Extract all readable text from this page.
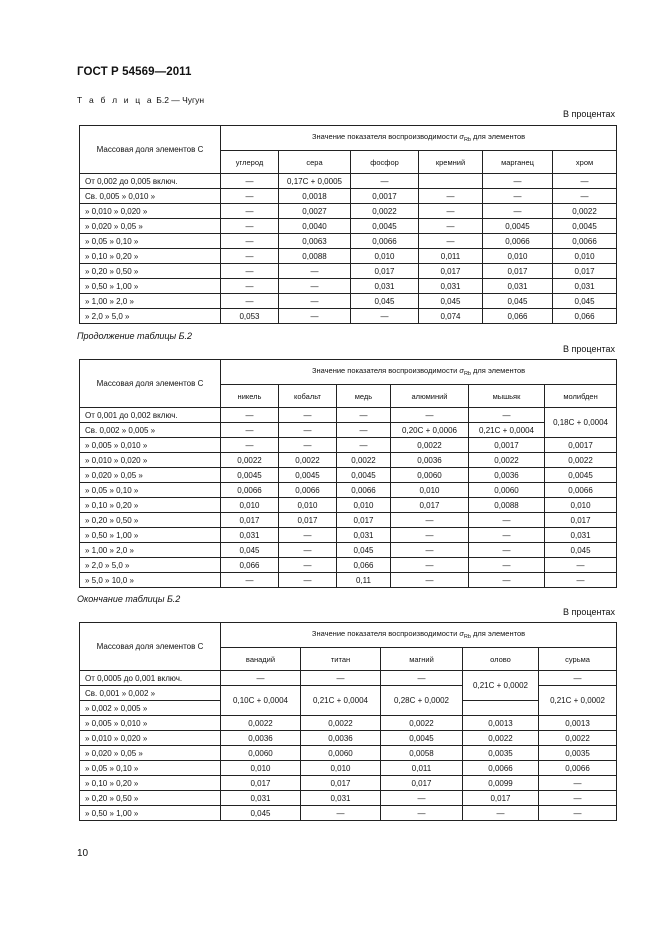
ГОСТ Р 54569—2011
Т а б л и ц а Б.2 — Чугун
В процентах
Массовая доля элементов C	Значение показателя воспроизводимости $\sigma_{Rb}$ для элементов					
	углерод	сера	фосфор	кремний	марганец	хром
От 0,002 до 0,005 включ.	—	0,17C + 0,0005	—		—	—
Св. 0,005 » 0,010 »	—	0,0018	0,0017	—	—	—
» 0,010 » 0,020 »	—	0,0027	0,0022	—	—	0,0022
» 0,020 » 0,05 »	—	0,0040	0,0045	—	0,0045	0,0045
» 0,05 » 0,10 »	—	0,0063	0,0066	—	0,0066	0,0066
» 0,10 » 0,20 »	—	0,0088	0,010	0,011	0,010	0,010
» 0,20 » 0,50 »	—	—	0,017	0,017	0,017	0,017
» 0,50 » 1,00 »	—	—	0,031	0,031	0,031	0,031
» 1,00 » 2,0 »	—	—	0,045	0,045	0,045	0,045
» 2,0 » 5,0 »	0,053	—	—	0,074	0,066	0,066
Продолжение таблицы Б.2
В процентах
Массовая доля элементов C	Значение показателя воспроизводимости $\sigma_{Rb}$ для элементов					
	никель	кобальт	медь	алюминий	мышьяк	молибден
От 0,001 до 0,002 включ.	—	—	—	—	—	0,18C + 0,0004
Св. 0,002 » 0,005 »	—	—	—	0,20C + 0,0006	0,21C + 0,0004	
» 0,005 » 0,010 »	—	—	—	0,0022	0,0017	0,0017
» 0,010 » 0,020 »	0,0022	0,0022	0,0022	0,0036	0,0022	0,0022
» 0,020 » 0,05 »	0,0045	0,0045	0,0045	0,0060	0,0036	0,0045
» 0,05 » 0,10 »	0,0066	0,0066	0,0066	0,010	0,0060	0,0066
» 0,10 » 0,20 »	0,010	0,010	0,010	0,017	0,0088	0,010
» 0,20 » 0,50 »	0,017	0,017	0,017	—	—	0,017
» 0,50 » 1,00 »	0,031	—	0,031	—	—	0,031
» 1,00 » 2,0 »	0,045	—	0,045	—	—	0,045
» 2,0 » 5,0 »	0,066	—	0,066	—	—	—
» 5,0 » 10,0 »	—	—	0,11	—	—	—
Окончание таблицы Б.2
В процентах
Массовая доля элементов C	Значение показателя воспроизводимости $\sigma_{Rb}$ для элементов				
	ванадий	титан	магний	олово	сурьма
От 0,0005 до 0,001 включ.	—	—	—	0,21C + 0,0002	—
Св. 0,001 » 0,002 »	0,10C + 0,0004	0,21C + 0,0004	0,28C + 0,0002		0,21C + 0,0002
» 0,002 » 0,005 »					
» 0,005 » 0,010 »	0,0022	0,0022	0,0022	0,0013	0,0013
» 0,010 » 0,020 »	0,0036	0,0036	0,0045	0,0022	0,0022
» 0,020 » 0,05 »	0,0060	0,0060	0,0058	0,0035	0,0035
» 0,05 » 0,10 »	0,010	0,010	0,011	0,0066	0,0066
» 0,10 » 0,20 »	0,017	0,017	0,017	0,0099	—
» 0,20 » 0,50 »	0,031	0,031	—	0,017	—
» 0,50 » 1,00 »	0,045	—	—	—	—
10
